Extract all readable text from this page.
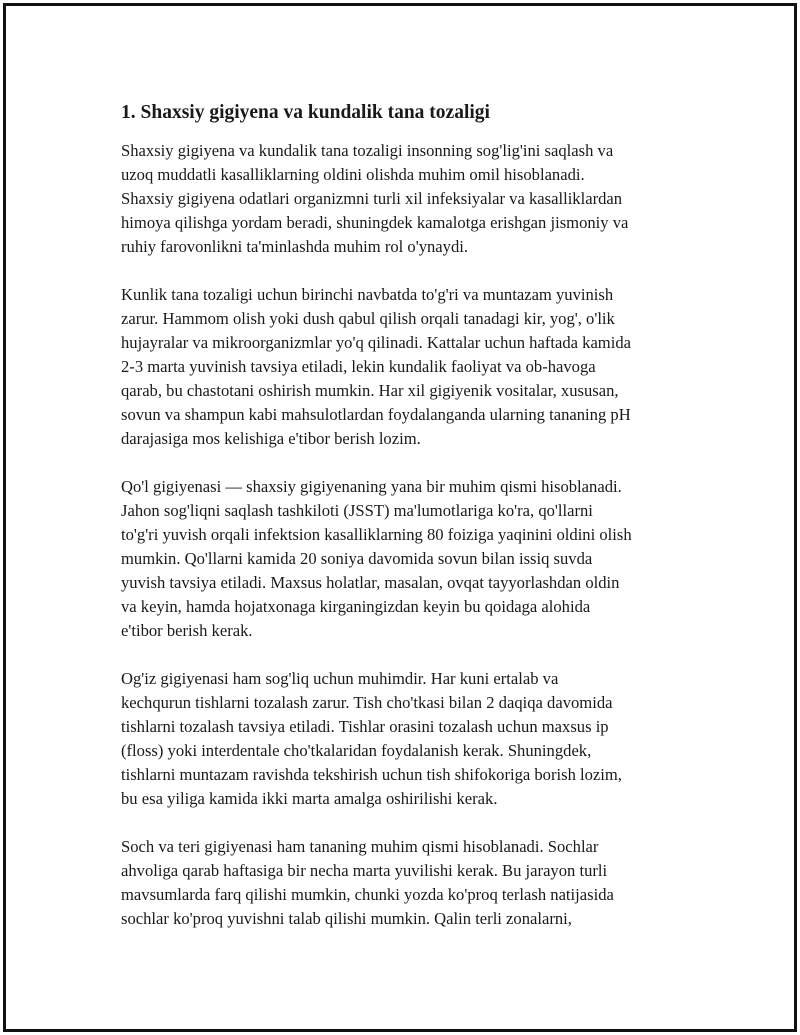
1. Shaxsiy gigiyena va kundalik tana tozaligi

Shaxsiy gigiyena va kundalik tana tozaligi insonning sog'lig'ini saqlash va
uzoq muddatli kasalliklarning oldini olishda muhim omil hisoblanadi.
Shaxsiy gigiyena odatlari organizmni turli xil infeksiyalar va kasalliklardan
himoya qilishga yordam beradi, shuningdek kamalotga erishgan jismoniy va
ruhiy farovonlikni ta'minlashda muhim rol o'ynaydi.

Kunlik tana tozaligi uchun birinchi navbatda to'g'ri va muntazam yuvinish
zarur. Hammom olish yoki dush qabul qilish orqali tanadagi kir, yog', o'lik
hujayralar va mikroorganizmlar yo'q qilinadi. Kattalar uchun haftada kamida
2-3 marta yuvinish tavsiya etiladi, lekin kundalik faoliyat va ob-havoga
qarab, bu chastotani oshirish mumkin. Har xil gigiyenik vositalar, xususan,
sovun va shampun kabi mahsulotlardan foydalanganda ularning tananing pH
darajasiga mos kelishiga e'tibor berish lozim.

Qo'l gigiyenasi — shaxsiy gigiyenaning yana bir muhim qismi hisoblanadi.
Jahon sog'liqni saqlash tashkiloti (JSST) ma'lumotlariga ko'ra, qo'llarni
to'g'ri yuvish orqali infektsion kasalliklarning 80 foiziga yaqinini oldini olish
mumkin. Qo'llarni kamida 20 soniya davomida sovun bilan issiq suvda
yuvish tavsiya etiladi. Maxsus holatlar, masalan, ovqat tayyorlashdan oldin
va keyin, hamda hojatxonaga kirganingizdan keyin bu qoidaga alohida
e'tibor berish kerak.

Og'iz gigiyenasi ham sog'liq uchun muhimdir. Har kuni ertalab va
kechqurun tishlarni tozalash zarur. Tish cho'tkasi bilan 2 daqiqa davomida
tishlarni tozalash tavsiya etiladi. Tishlar orasini tozalash uchun maxsus ip
(floss) yoki interdentale cho'tkalaridan foydalanish kerak. Shuningdek,
tishlarni muntazam ravishda tekshirish uchun tish shifokoriga borish lozim,
bu esa yiliga kamida ikki marta amalga oshirilishi kerak.

Soch va teri gigiyenasi ham tananing muhim qismi hisoblanadi. Sochlar
ahvoliga qarab haftasiga bir necha marta yuvilishi kerak. Bu jarayon turli
mavsumlarda farq qilishi mumkin, chunki yozda ko'proq terlash natijasida
sochlar ko'proq yuvishni talab qilishi mumkin. Qalin terli zonalarni,
